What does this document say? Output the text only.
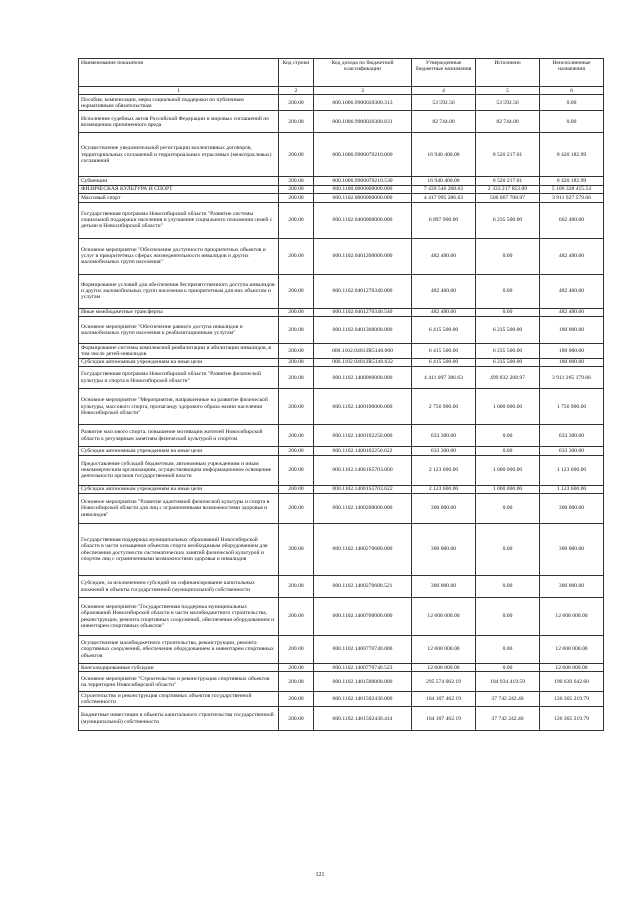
Наименование показателя	Код строки	Код дохода по бюджетной классификации	Утвержденные бюджетные назначения	Исполнено	Неисполненные назначения
1	2	3	4	5	6
Пособия, компенсации, меры социальной поддержки по публичным нормативным обязательствам	200.00	000.1006.9900020380.313	53 592.56	53 592.56	0.00
Исполнение судебных актов Российской Федерации и мировых соглашений по возмещению причиненного вреда	200.00	000.1006.9900020380.831	82 744.00	82 744.00	0.00
Осуществление уведомительной регистрации коллективных договоров, территориальных соглашений и территориальных отраслевых (межотраслевых) соглашений	200.00	000.1006.9900070210.000	16 940 400.00	8 520 217.01	8 420 182.99
Субвенции	200.00	000.1006.9900070210.530	16 940 400.00	8 520 217.01	8 420 182.99
ФИЗИЧЕСКАЯ КУЛЬТУРА И СПОРТ	200.00	000.1100.0000000000.000	7 439 546 268.63	2 333 217 853.09	5 106 328 415.54
Массовый спорт	200.00	000.1102.0000000000.000	4 417 995 286.63	506 067 708.97	3 911 927 579.66
Государственная программа Новосибирской области "Развитие системы социальной поддержки населения и улучшение социального положения семей с детьми в Новосибирской области"	200.00	000.1102.0400000000.000	6 897 900.00	6 235 500.00	662 400.00
Основное мероприятие "Обеспечение доступности приоритетных объектов и услуг в приоритетных сферах жизнедеятельности инвалидов и других маломобильных групп населения"	200.00	000.1102.0401200000.000	482 400.00	0.00	482 400.00
Формирование условий для обеспечения беспрепятственного доступа инвалидов и других маломобильных групп населения к приоритетным для них объектам и услугам	200.00	000.1102.0401270340.000	482 400.00	0.00	482 400.00
Иные межбюджетные трансферты	200.00	000.1102.0401270340.540	482 400.00	0.00	482 400.00
Основное мероприятие "Обеспечение равного доступа инвалидов и маломобильных групп населения к реабилитационным услугам"	200.00	000.1102.0401300000.000	6 415 500.00	6 235 500.00	180 000.00
Формирование системы комплексной реабилитации и абилитации инвалидов, в том числе детей-инвалидов	200.00	000.1102.04013R5140.000	6 415 500.00	6 235 500.00	180 000.00
Субсидии автономным учреждениям на иные цели	200.00	000.1102.04013R5140.622	6 415 500.00	6 235 500.00	180 000.00
Государственная программа Новосибирской области "Развитие физической культуры и спорта в Новосибирской области"	200.00	000.1102.1400000000.000	4 411 097 386.63	499 832 208.97	3 911 265 179.66
Основное мероприятие "Мероприятия, направленные на развитие физической культуры, массового спорта, пропаганду здорового образа жизни населения Новосибирской области"	200.00	000.1102.1400100000.000	2 756 900.00	1 000 000.00	1 756 900.00
Развитие массового спорта, повышение мотивации жителей Новосибирской области к регулярным занятиям физической культурой и спортом	200.00	000.1102.1400102250.000	633 300.00	0.00	633 300.00
Субсидии автономным учреждениям на иные цели	200.00	000.1102.1400102250.622	633 300.00	0.00	633 300.00
Предоставление субсидий бюджетным, автономным учреждениям и иным некоммерческим организациям, осуществляющим информационное освещение деятельности органов государственной власти	200.00	000.1102.14001S5703.000	2 123 600.00	1 000 000.00	1 123 600.00
Субсидии автономным учреждениям на иные цели	200.00	000.1102.14001S5703.622	2 123 600.00	1 000 000.00	1 123 600.00
Основное мероприятие "Развитие адаптивной физической культуры и спорта в Новосибирской области для лиц с ограниченными возможностями здоровья и инвалидов"	200.00	000.1102.1400200000.000	300 000.00	0.00	300 000.00
Государственная поддержка муниципальных образований Новосибирской области в части оснащения объектов спорта необходимым оборудованием для обеспечения доступности систематических занятий физической культурой и спортом лиц с ограниченными возможностями здоровья и инвалидов	200.00	000.1102.1400270680.000	300 000.00	0.00	300 000.00
Субсидии, за исключением субсидий на софинансирование капитальных вложений в объекты государственной (муниципальной) собственности	200.00	000.1102.1400270680.521	300 000.00	0.00	300 000.00
Основное мероприятие "Государственная поддержка муниципальных образований Новосибирской области в части малобюджетного строительства, реконструкции, ремонта спортивных сооружений, обеспечения оборудованием и инвентарем спортивных объектов"	200.00	000.1102.1400700000.000	12 608 000.00	0.00	12 608 000.00
Осуществление малобюджетного строительства, реконструкции, ремонта спортивных сооружений, обеспечение оборудованием и инвентарем спортивных объектов	200.00	000.1102.1400770740.000	12 608 000.00	0.00	12 608 000.00
Консолидированные субсидии	200.00	000.1102.1400770740.523	12 608 000.00	0.00	12 608 000.00
Основное мероприятие "Строительство и реконструкция спортивных объектов на территории Новосибирской области"	200.00	000.1102.1401500000.000	295 574 062.19	104 934 419.59	190 639 642.60
Строительство и реконструкция спортивных объектов государственной собственности	200.00	000.1102.1401502430.000	164 107 462.19	37 742 242.40	126 365 219.79
Бюджетные инвестиции в объекты капитального строительства государственной (муниципальной) собственности	200.00	000.1102.1401502430.414	164 107 462.19	37 742 242.40	126 365 219.79
121
